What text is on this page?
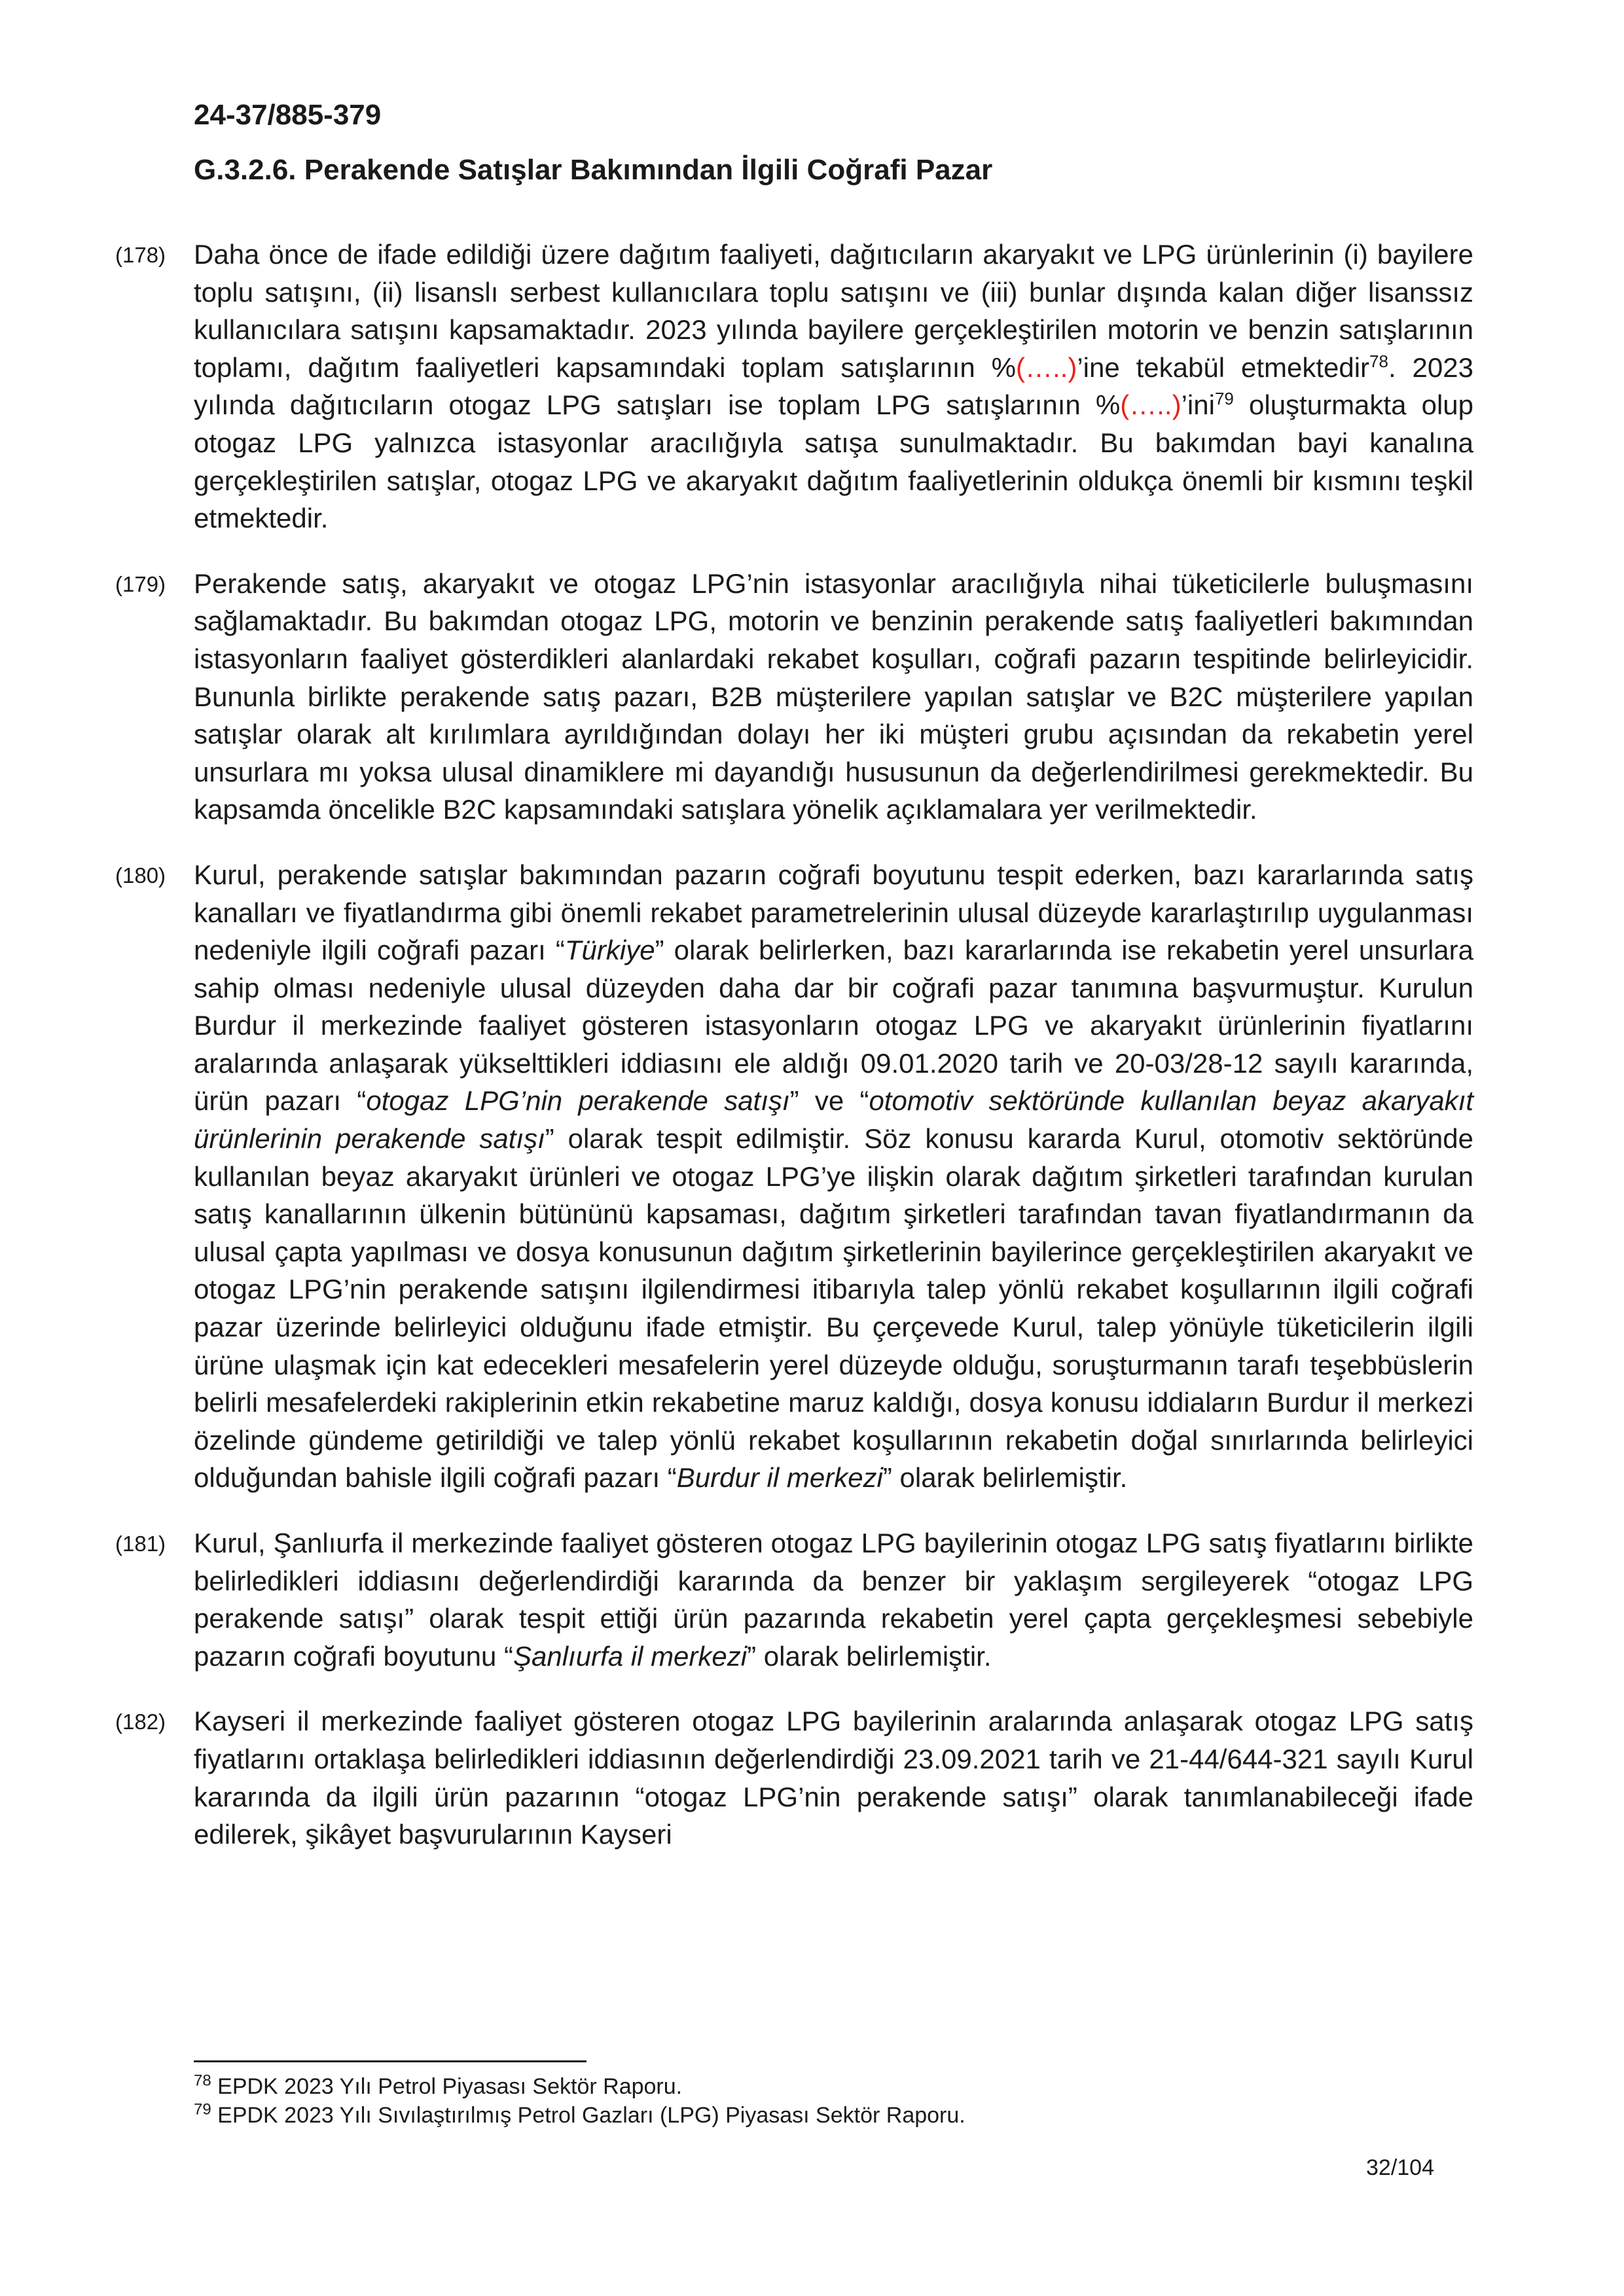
24-37/885-379

G.3.2.6. Perakende Satışlar Bakımından İlgili Coğrafi Pazar

(178) Daha önce de ifade edildiği üzere dağıtım faaliyeti, dağıtıcıların akaryakıt ve LPG ürünlerinin (i) bayilere toplu satışını, (ii) lisanslı serbest kullanıcılara toplu satışını ve (iii) bunlar dışında kalan diğer lisanssız kullanıcılara satışını kapsamaktadır. 2023 yılında bayilere gerçekleştirilen motorin ve benzin satışlarının toplamı, dağıtım faaliyetleri kapsamındaki toplam satışlarının %(…..)’ine tekabül etmektedir$^{78}$. 2023 yılında dağıtıcıların otogaz LPG satışları ise toplam LPG satışlarının %(…..)’ini$^{79}$ oluşturmakta olup otogaz LPG yalnızca istasyonlar aracılığıyla satışa sunulmaktadır. Bu bakımdan bayi kanalına gerçekleştirilen satışlar, otogaz LPG ve akaryakıt dağıtım faaliyetlerinin oldukça önemli bir kısmını teşkil etmektedir.

(179) Perakende satış, akaryakıt ve otogaz LPG’nin istasyonlar aracılığıyla nihai tüketicilerle buluşmasını sağlamaktadır. Bu bakımdan otogaz LPG, motorin ve benzinin perakende satış faaliyetleri bakımından istasyonların faaliyet gösterdikleri alanlardaki rekabet koşulları, coğrafi pazarın tespitinde belirleyicidir. Bununla birlikte perakende satış pazarı, B2B müşterilere yapılan satışlar ve B2C müşterilere yapılan satışlar olarak alt kırılımlara ayrıldığından dolayı her iki müşteri grubu açısından da rekabetin yerel unsurlara mı yoksa ulusal dinamiklere mi dayandığı hususunun da değerlendirilmesi gerekmektedir. Bu kapsamda öncelikle B2C kapsamındaki satışlara yönelik açıklamalara yer verilmektedir.

(180) Kurul, perakende satışlar bakımından pazarın coğrafi boyutunu tespit ederken, bazı kararlarında satış kanalları ve fiyatlandırma gibi önemli rekabet parametrelerinin ulusal düzeyde kararlaştırılıp uygulanması nedeniyle ilgili coğrafi pazarı “Türkiye” olarak belirlerken, bazı kararlarında ise rekabetin yerel unsurlara sahip olması nedeniyle ulusal düzeyden daha dar bir coğrafi pazar tanımına başvurmuştur. Kurulun Burdur il merkezinde faaliyet gösteren istasyonların otogaz LPG ve akaryakıt ürünlerinin fiyatlarını aralarında anlaşarak yükselttikleri iddiasını ele aldığı 09.01.2020 tarih ve 20-03/28-12 sayılı kararında, ürün pazarı “otogaz LPG’nin perakende satışı” ve “otomotiv sektöründe kullanılan beyaz akaryakıt ürünlerinin perakende satışı” olarak tespit edilmiştir. Söz konusu kararda Kurul, otomotiv sektöründe kullanılan beyaz akaryakıt ürünleri ve otogaz LPG’ye ilişkin olarak dağıtım şirketleri tarafından kurulan satış kanallarının ülkenin bütününü kapsaması, dağıtım şirketleri tarafından tavan fiyatlandırmanın da ulusal çapta yapılması ve dosya konusunun dağıtım şirketlerinin bayilerince gerçekleştirilen akaryakıt ve otogaz LPG’nin perakende satışını ilgilendirmesi itibarıyla talep yönlü rekabet koşullarının ilgili coğrafi pazar üzerinde belirleyici olduğunu ifade etmiştir. Bu çerçevede Kurul, talep yönüyle tüketicilerin ilgili ürüne ulaşmak için kat edecekleri mesafelerin yerel düzeyde olduğu, soruşturmanın tarafı teşebbüslerin belirli mesafelerdeki rakiplerinin etkin rekabetine maruz kaldığı, dosya konusu iddiaların Burdur il merkezi özelinde gündeme getirildiği ve talep yönlü rekabet koşullarının rekabetin doğal sınırlarında belirleyici olduğundan bahisle ilgili coğrafi pazarı “Burdur il merkezi” olarak belirlemiştir.

(181) Kurul, Şanlıurfa il merkezinde faaliyet gösteren otogaz LPG bayilerinin otogaz LPG satış fiyatlarını birlikte belirledikleri iddiasını değerlendirdiği kararında da benzer bir yaklaşım sergileyerek “otogaz LPG perakende satışı” olarak tespit ettiği ürün pazarında rekabetin yerel çapta gerçekleşmesi sebebiyle pazarın coğrafi boyutunu “Şanlıurfa il merkezi” olarak belirlemiştir.

(182) Kayseri il merkezinde faaliyet gösteren otogaz LPG bayilerinin aralarında anlaşarak otogaz LPG satış fiyatlarını ortaklaşa belirledikleri iddiasının değerlendirdiği 23.09.2021 tarih ve 21-44/644-321 sayılı Kurul kararında da ilgili ürün pazarının “otogaz LPG’nin perakende satışı” olarak tanımlanabileceği ifade edilerek, şikâyet başvurularının Kayseri

$^{78}$ EPDK 2023 Yılı Petrol Piyasası Sektör Raporu.

$^{79}$ EPDK 2023 Yılı Sıvılaştırılmış Petrol Gazları (LPG) Piyasası Sektör Raporu.

32/104
